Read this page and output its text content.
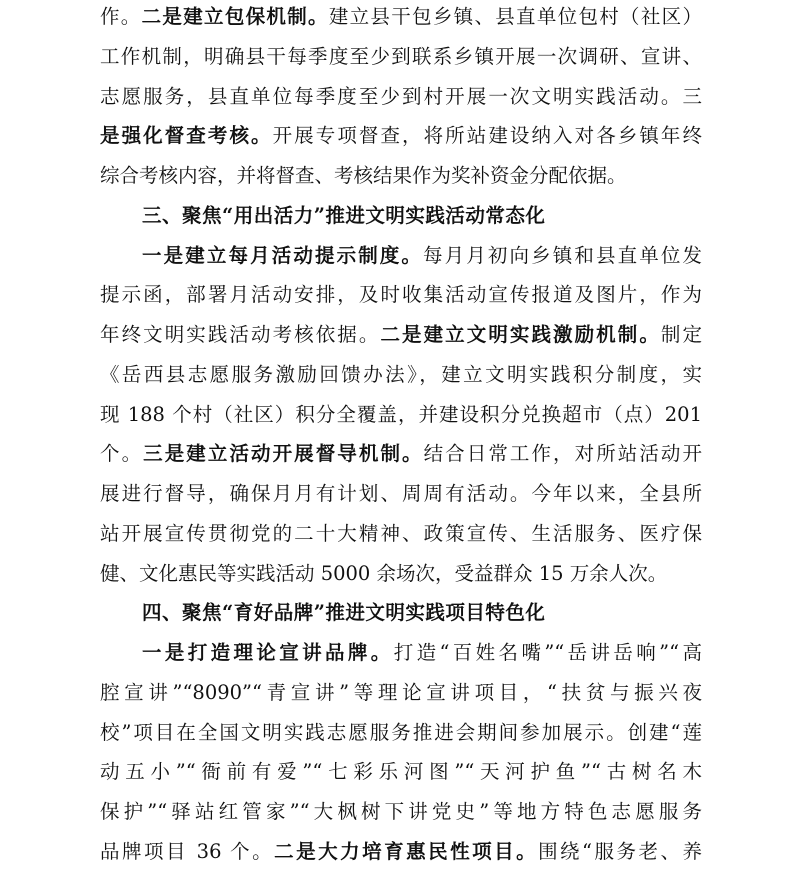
作。二是建立包保机制。建立县干包乡镇、县直单位包村（社区）
工作机制，明确县干每季度至少到联系乡镇开展一次调研、宣讲、
志愿服务，县直单位每季度至少到村开展一次文明实践活动。三
是强化督查考核。开展专项督查，将所站建设纳入对各乡镇年终
综合考核内容，并将督查、考核结果作为奖补资金分配依据。
三、聚焦“用出活力”推进文明实践活动常态化
一是建立每月活动提示制度。每月月初向乡镇和县直单位发
提示函，部署月活动安排，及时收集活动宣传报道及图片，作为
年终文明实践活动考核依据。二是建立文明实践激励机制。制定
《岳西县志愿服务激励回馈办法》，建立文明实践积分制度，实
现 188 个村（社区）积分全覆盖，并建设积分兑换超市（点）201
个。三是建立活动开展督导机制。结合日常工作，对所站活动开
展进行督导，确保月月有计划、周周有活动。今年以来，全县所
站开展宣传贯彻党的二十大精神、政策宣传、生活服务、医疗保
健、文化惠民等实践活动 5000 余场次，受益群众 15 万余人次。
四、聚焦“育好品牌”推进文明实践项目特色化
一是打造理论宣讲品牌。打造“百姓名嘴”“岳讲岳响”“高
腔宣讲”“8090”“青宣讲”等理论宣讲项目，“扶贫与振兴夜
校”项目在全国文明实践志愿服务推进会期间参加展示。创建“莲
动五小”“衙前有爱”“七彩乐河图”“天河护鱼”“古树名木
保护”“驿站红管家”“大枫树下讲党史”等地方特色志愿服务
品牌项目 36 个。二是大力培育惠民性项目。围绕“服务老、养
